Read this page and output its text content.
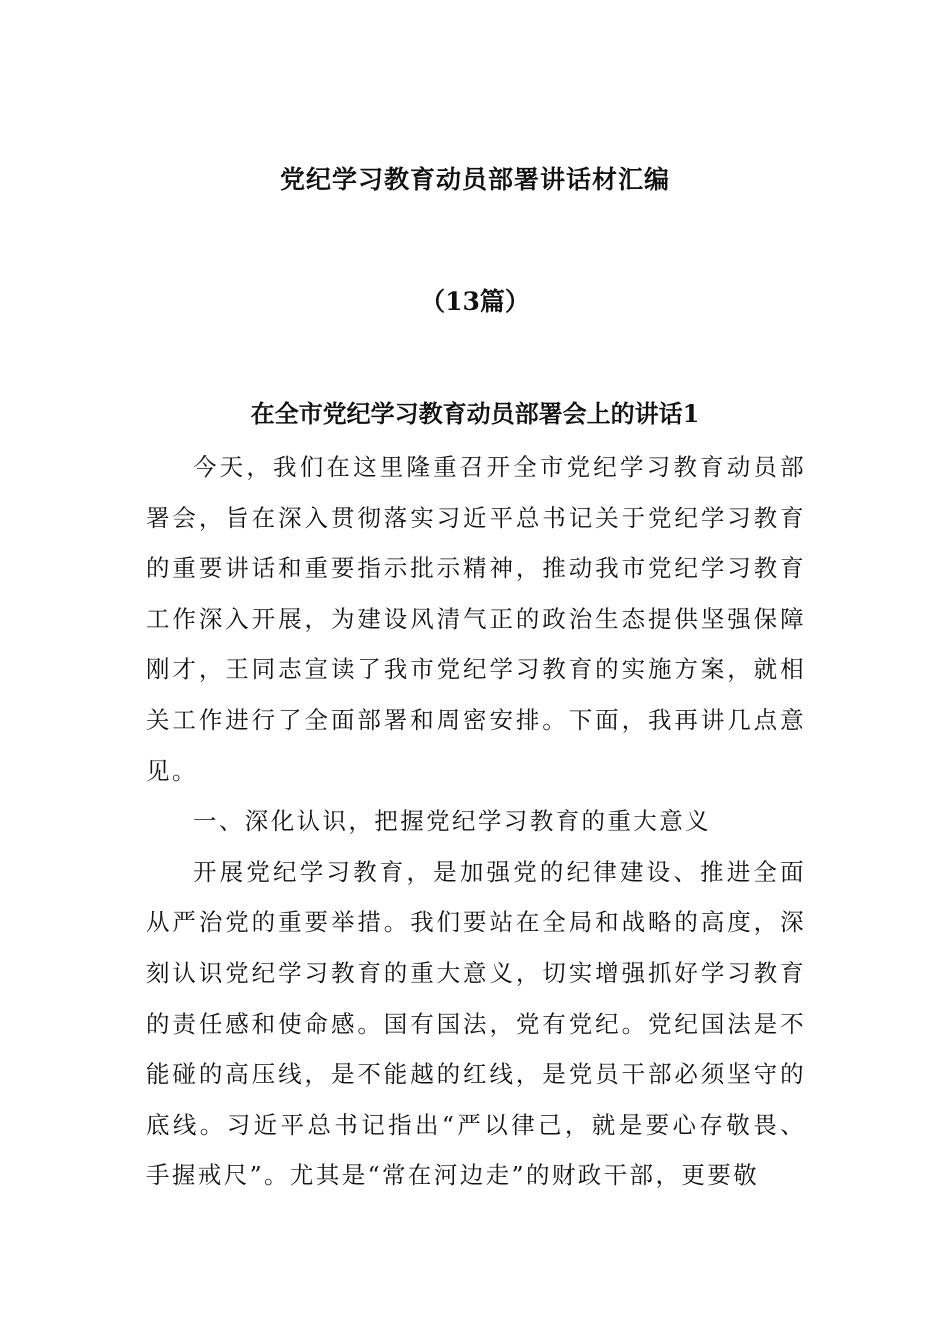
党纪学习教育动员部署讲话材汇编
（13篇）
在全市党纪学习教育动员部署会上的讲话1

今天，我们在这里隆重召开全市党纪学习教育动员部署会，旨在深入贯彻落实习近平总书记关于党纪学习教育的重要讲话和重要指示批示精神，推动我市党纪学习教育工作深入开展，为建设风清气正的政治生态提供坚强保障刚才，王同志宣读了我市党纪学习教育的实施方案，就相关工作进行了全面部署和周密安排。下面，我再讲几点意见。

一、深化认识，把握党纪学习教育的重大意义

开展党纪学习教育，是加强党的纪律建设、推进全面从严治党的重要举措。我们要站在全局和战略的高度，深刻认识党纪学习教育的重大意义，切实增强抓好学习教育的责任感和使命感。国有国法，党有党纪。党纪国法是不能碰的高压线，是不能越的红线，是党员干部必须坚守的底线。习近平总书记指出“严以律己，就是要心存敬畏、手握戒尺”。尤其是“常在河边走”的财政干部，更要敬
